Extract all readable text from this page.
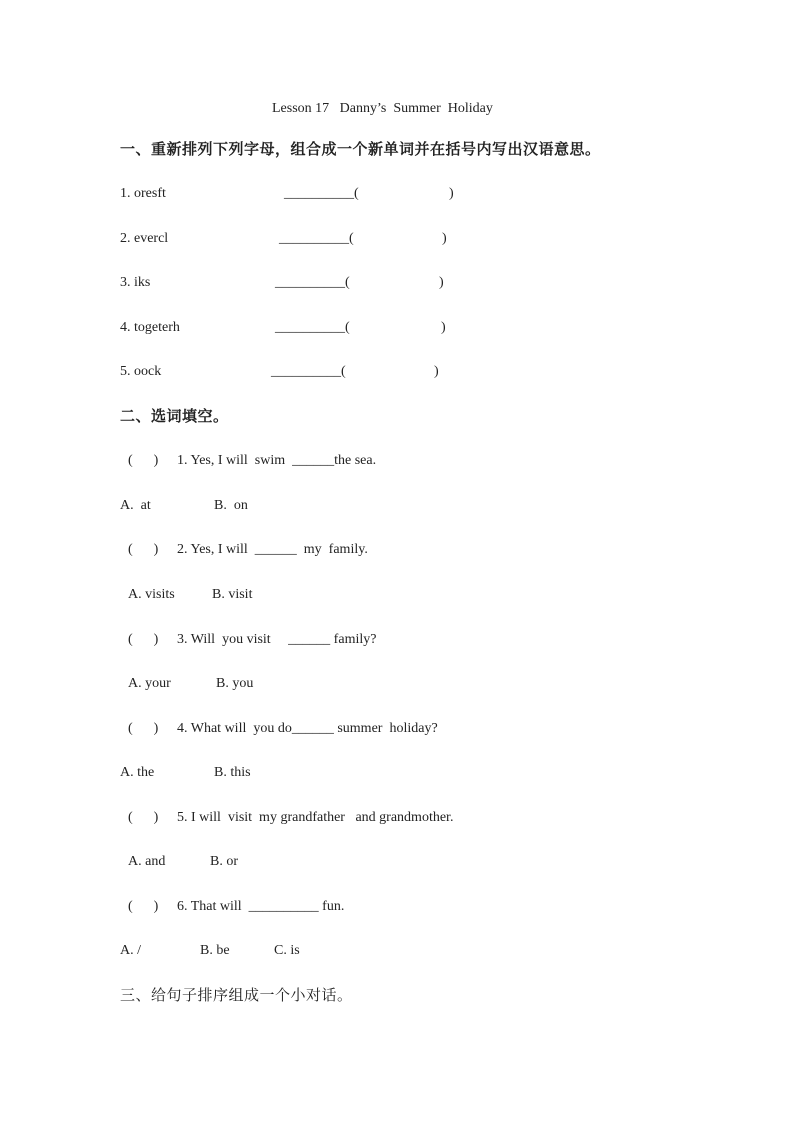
Lesson 17   Danny’s  Summer  Holiday
一、重新排列下列字母，组合成一个新单词并在括号内写出汉语意思。
1. oresft	__________(	)
2. evercl	__________(	)
3. iks	__________(	)
4. togeterh	__________(	)
5. oock	__________(	)
二、选词填空。
(      ) 1. Yes, I will  swim  ______the sea.
A.  at	B.  on
(      ) 2. Yes, I will  ______  my  family.
A. visits	B. visit
(      ) 3. Will  you visit     ______ family?
A. your	B. you
(      ) 4. What will  you do______ summer  holiday?
A. the	B. this
(      ) 5. I will  visit  my grandfather   and grandmother.
A. and	B. or
(      ) 6. That will  __________ fun.
A. /	B. be	C. is
三、给句子排序组成一个小对话。
